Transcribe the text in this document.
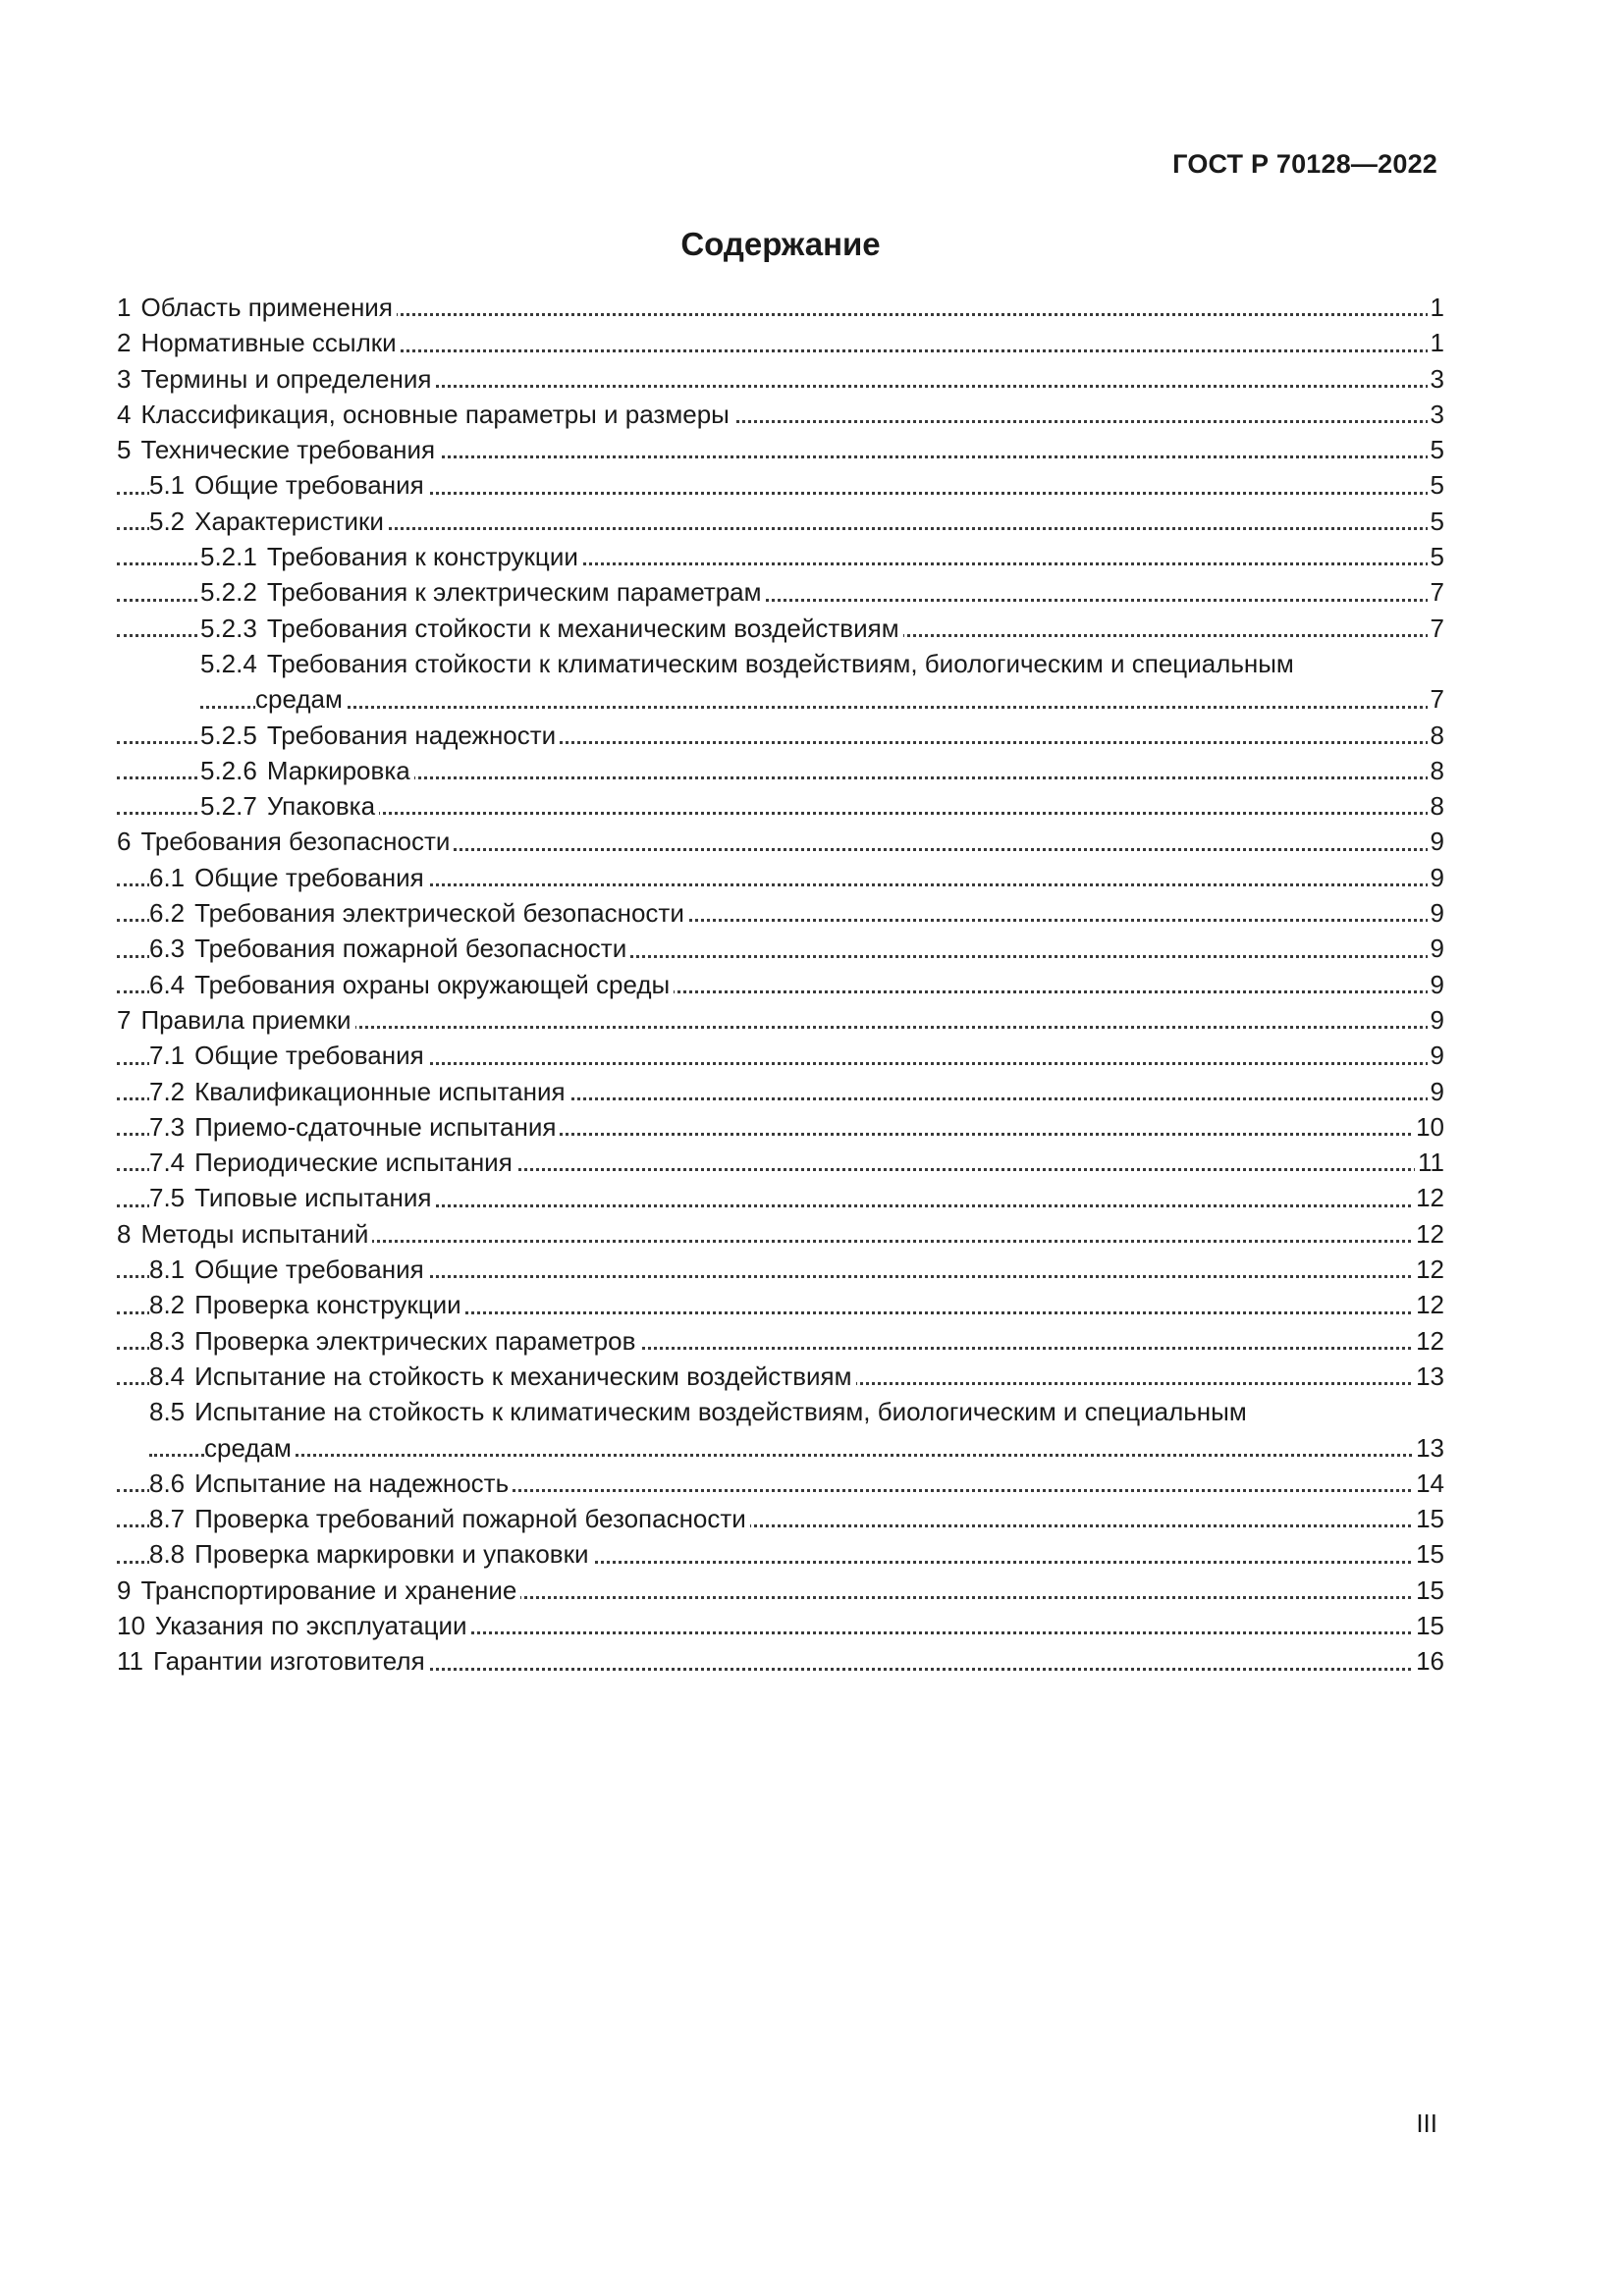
ГОСТ Р 70128—2022
Содержание
1 Область применения	1
2 Нормативные ссылки	1
3 Термины и определения	3
4 Классификация, основные параметры и размеры	3
5 Технические требования	5
5.1 Общие требования	5
5.2 Характеристики	5
5.2.1 Требования к конструкции	5
5.2.2 Требования к электрическим параметрам	7
5.2.3 Требования стойкости к механическим воздействиям	7
5.2.4 Требования стойкости к климатическим воздействиям, биологическим и специальным
средам	7
5.2.5 Требования надежности	8
5.2.6 Маркировка	8
5.2.7 Упаковка	8
6 Требования безопасности	9
6.1 Общие требования	9
6.2 Требования электрической безопасности	9
6.3 Требования пожарной безопасности	9
6.4 Требования охраны окружающей среды	9
7 Правила приемки	9
7.1 Общие требования	9
7.2 Квалификационные испытания	9
7.3 Приемо-сдаточные испытания	10
7.4 Периодические испытания	11
7.5 Типовые испытания	12
8 Методы испытаний	12
8.1 Общие требования	12
8.2 Проверка конструкции	12
8.3 Проверка электрических параметров	12
8.4 Испытание на стойкость к механическим воздействиям	13
8.5 Испытание на стойкость к климатическим воздействиям, биологическим и специальным
средам	13
8.6 Испытание на надежность	14
8.7 Проверка требований пожарной безопасности	15
8.8 Проверка маркировки и упаковки	15
9 Транспортирование и хранение	15
10 Указания по эксплуатации	15
11 Гарантии изготовителя	16
III
